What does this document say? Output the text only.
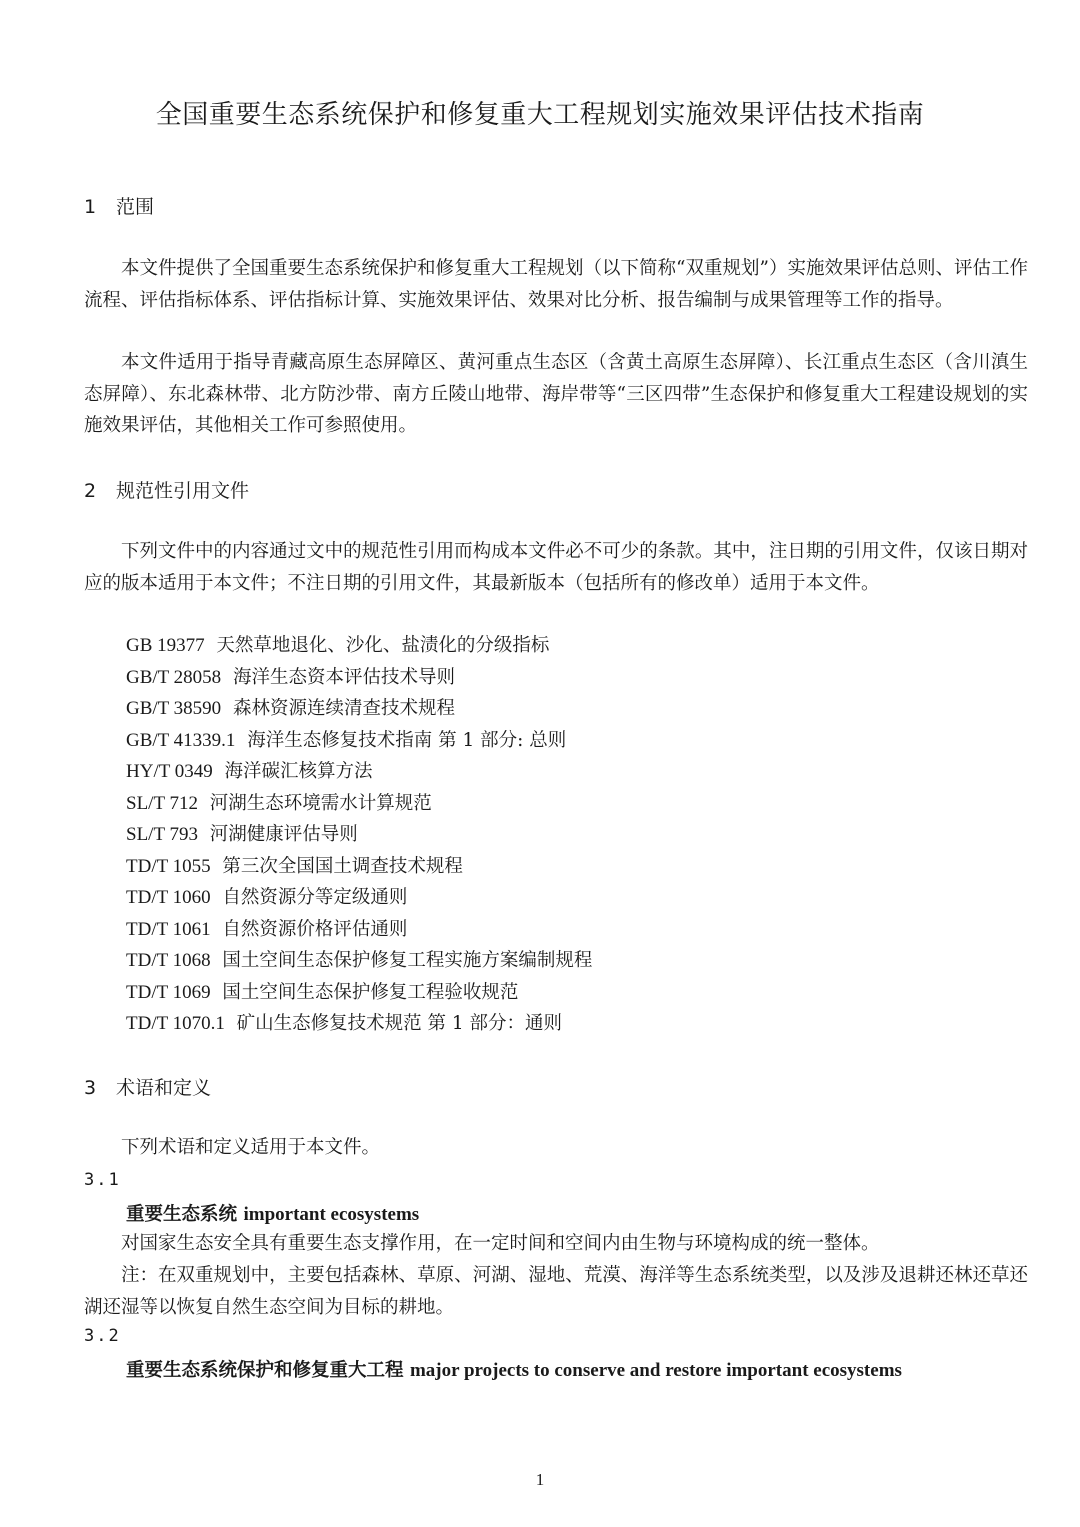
全国重要生态系统保护和修复重大工程规划实施效果评估技术指南
1 范围

本文件提供了全国重要生态系统保护和修复重大工程规划（以下简称“双重规划”）实施效果评估总则、评估工作流程、评估指标体系、评估指标计算、实施效果评估、效果对比分析、报告编制与成果管理等工作的指导。

本文件适用于指导青藏高原生态屏障区、黄河重点生态区（含黄土高原生态屏障）、长江重点生态区（含川滇生态屏障）、东北森林带、北方防沙带、南方丘陵山地带、海岸带等“三区四带”生态保护和修复重大工程建设规划的实施效果评估，其他相关工作可参照使用。

2 规范性引用文件

下列文件中的内容通过文中的规范性引用而构成本文件必不可少的条款。其中，注日期的引用文件，仅该日期对应的版本适用于本文件；不注日期的引用文件，其最新版本（包括所有的修改单）适用于本文件。

GB 19377 天然草地退化、沙化、盐渍化的分级指标
GB/T 28058 海洋生态资本评估技术导则
GB/T 38590 森林资源连续清查技术规程
GB/T 41339.1 海洋生态修复技术指南 第 1 部分: 总则
HY/T 0349 海洋碳汇核算方法
SL/T 712 河湖生态环境需水计算规范
SL/T 793 河湖健康评估导则
TD/T 1055 第三次全国国土调查技术规程
TD/T 1060 自然资源分等定级通则
TD/T 1061 自然资源价格评估通则
TD/T 1068 国土空间生态保护修复工程实施方案编制规程
TD/T 1069 国土空间生态保护修复工程验收规范
TD/T 1070.1 矿山生态修复技术规范 第 1 部分：通则
3 术语和定义

下列术语和定义适用于本文件。

3.1
重要生态系统 important ecosystems

对国家生态安全具有重要生态支撑作用，在一定时间和空间内由生物与环境构成的统一整体。

注：在双重规划中，主要包括森林、草原、河湖、湿地、荒漠、海洋等生态系统类型，以及涉及退耕还林还草还湖还湿等以恢复自然生态空间为目标的耕地。

3.2
重要生态系统保护和修复重大工程 major projects to conserve and restore important ecosystems
1
